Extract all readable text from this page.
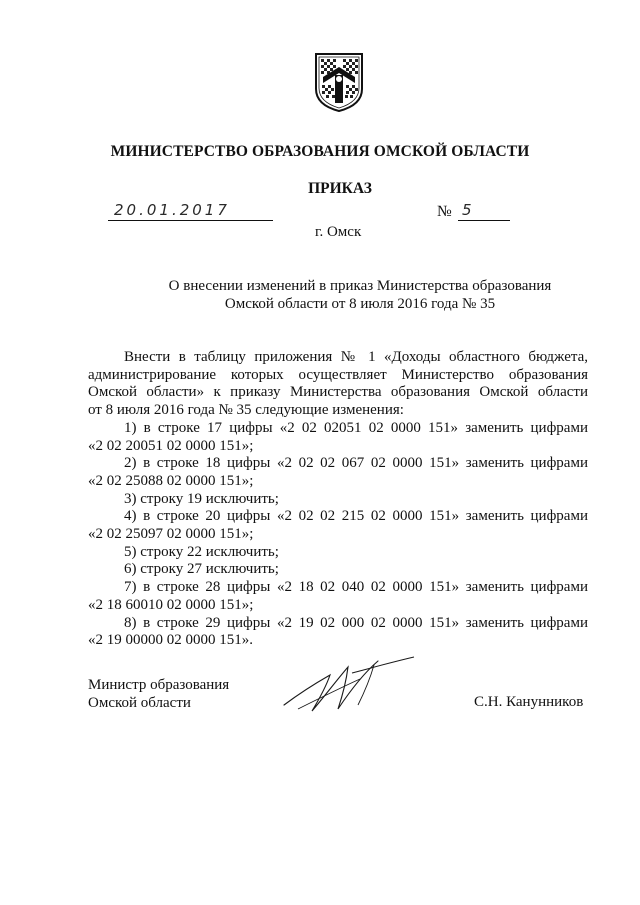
МИНИСТЕРСТВО ОБРАЗОВАНИЯ ОМСКОЙ ОБЛАСТИ
ПРИКАЗ
20.01.2017	№ 5
г. Омск
О внесении изменений в приказ Министерства образования
Омской области от 8 июля 2016 года № 35
Внести в таблицу приложения № 1 «Доходы областного бюджета,
администрирование которых осуществляет Министерство образования
Омской области» к приказу Министерства образования Омской области
от 8 июля 2016 года № 35 следующие изменения:
1) в строке 17 цифры «2 02 02051 02 0000 151» заменить цифрами
«2 02 20051 02 0000 151»;
2) в строке 18 цифры «2 02 02 067 02 0000 151» заменить цифрами
«2 02 25088 02 0000 151»;
3) строку 19 исключить;
4) в строке 20 цифры «2 02 02 215 02 0000 151» заменить цифрами
«2 02 25097 02 0000 151»;
5) строку 22 исключить;
6) строку 27 исключить;
7) в строке 28 цифры «2 18 02 040 02 0000 151» заменить цифрами
«2 18 60010 02 0000 151»;
8) в строке 29 цифры «2 19 02 000 02 0000 151» заменить цифрами
«2 19 00000 02 0000 151».
Министр образования
Омской области	С.Н. Канунников
